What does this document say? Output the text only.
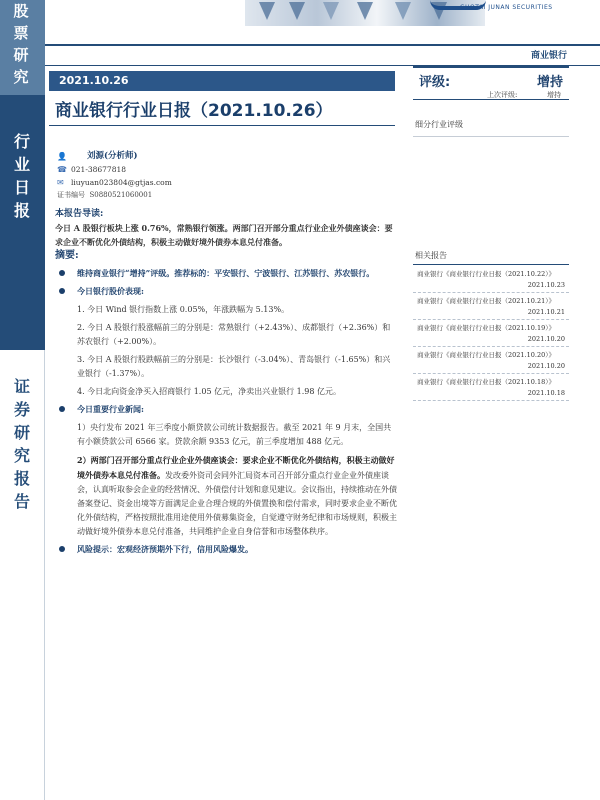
股票研究
行业日报
证券研究报告
GUOTAI JUNAN SECURITIES
商业银行
2021.10.26
商业银行行业日报（2021.10.26）
👤	刘源(分析师)
☎ 021-38677818
✉ liuyuan023804@gtjas.com
证书编号
S0880521060001
本报告导读:
今日 A 股银行板块上涨 0.76%，常熟银行领涨。两部门召开部分重点行业企业外债座谈会：要求企业不断优化外债结构，积极主动做好境外债券本息兑付准备。
摘要:
维持商业银行“增持”评级。推荐标的：平安银行、宁波银行、江苏银行、苏农银行。
今日银行股价表现:
1. 今日 Wind 银行指数上涨 0.05%，年涨跌幅为 5.13%。
2. 今日 A 股银行股涨幅前三的分别是：常熟银行（+2.43%）、成都银行（+2.36%）和苏农银行（+2.00%）。
3. 今日 A 股银行股跌幅前三的分别是：长沙银行（-3.04%）、青岛银行（-1.65%）和兴业银行（-1.37%）。
4. 今日北向资金净买入招商银行 1.05 亿元，净卖出兴业银行 1.98 亿元。
今日重要行业新闻:
1）央行发布 2021 年三季度小额贷款公司统计数据报告。截至 2021 年 9 月末，全国共有小额贷款公司 6566 家。贷款余额 9353 亿元，前三季度增加 488 亿元。
2）两部门召开部分重点行业企业外债座谈会：要求企业不断优化外债结构，积极主动做好境外债券本息兑付准备。发改委外资司会同外汇局资本司召开部分重点行业企业外债座谈会，认真听取参会企业的经营情况、外债偿付计划和意见建议。会议指出，持续推动在外债备案登记、资金出境等方面满足企业合理合规的外债置换和偿付需求，同时要求企业不断优化外债结构，严格按照批准用途使用外债募集资金，自觉遵守财务纪律和市场规则，积极主动做好境外债券本息兑付准备，共同维护企业自身信誉和市场整体秩序。
风险提示：宏观经济预期外下行，信用风险爆发。
评级:	增持
上次评级:	增持
细分行业评级
相关报告
商业银行《商业银行行业日报（2021.10.22）》
2021.10.23
商业银行《商业银行行业日报（2021.10.21）》
2021.10.21
商业银行《商业银行行业日报（2021.10.19）》
2021.10.20
商业银行《商业银行行业日报（2021.10.20）》
2021.10.20
商业银行《商业银行行业日报（2021.10.18）》
2021.10.18
